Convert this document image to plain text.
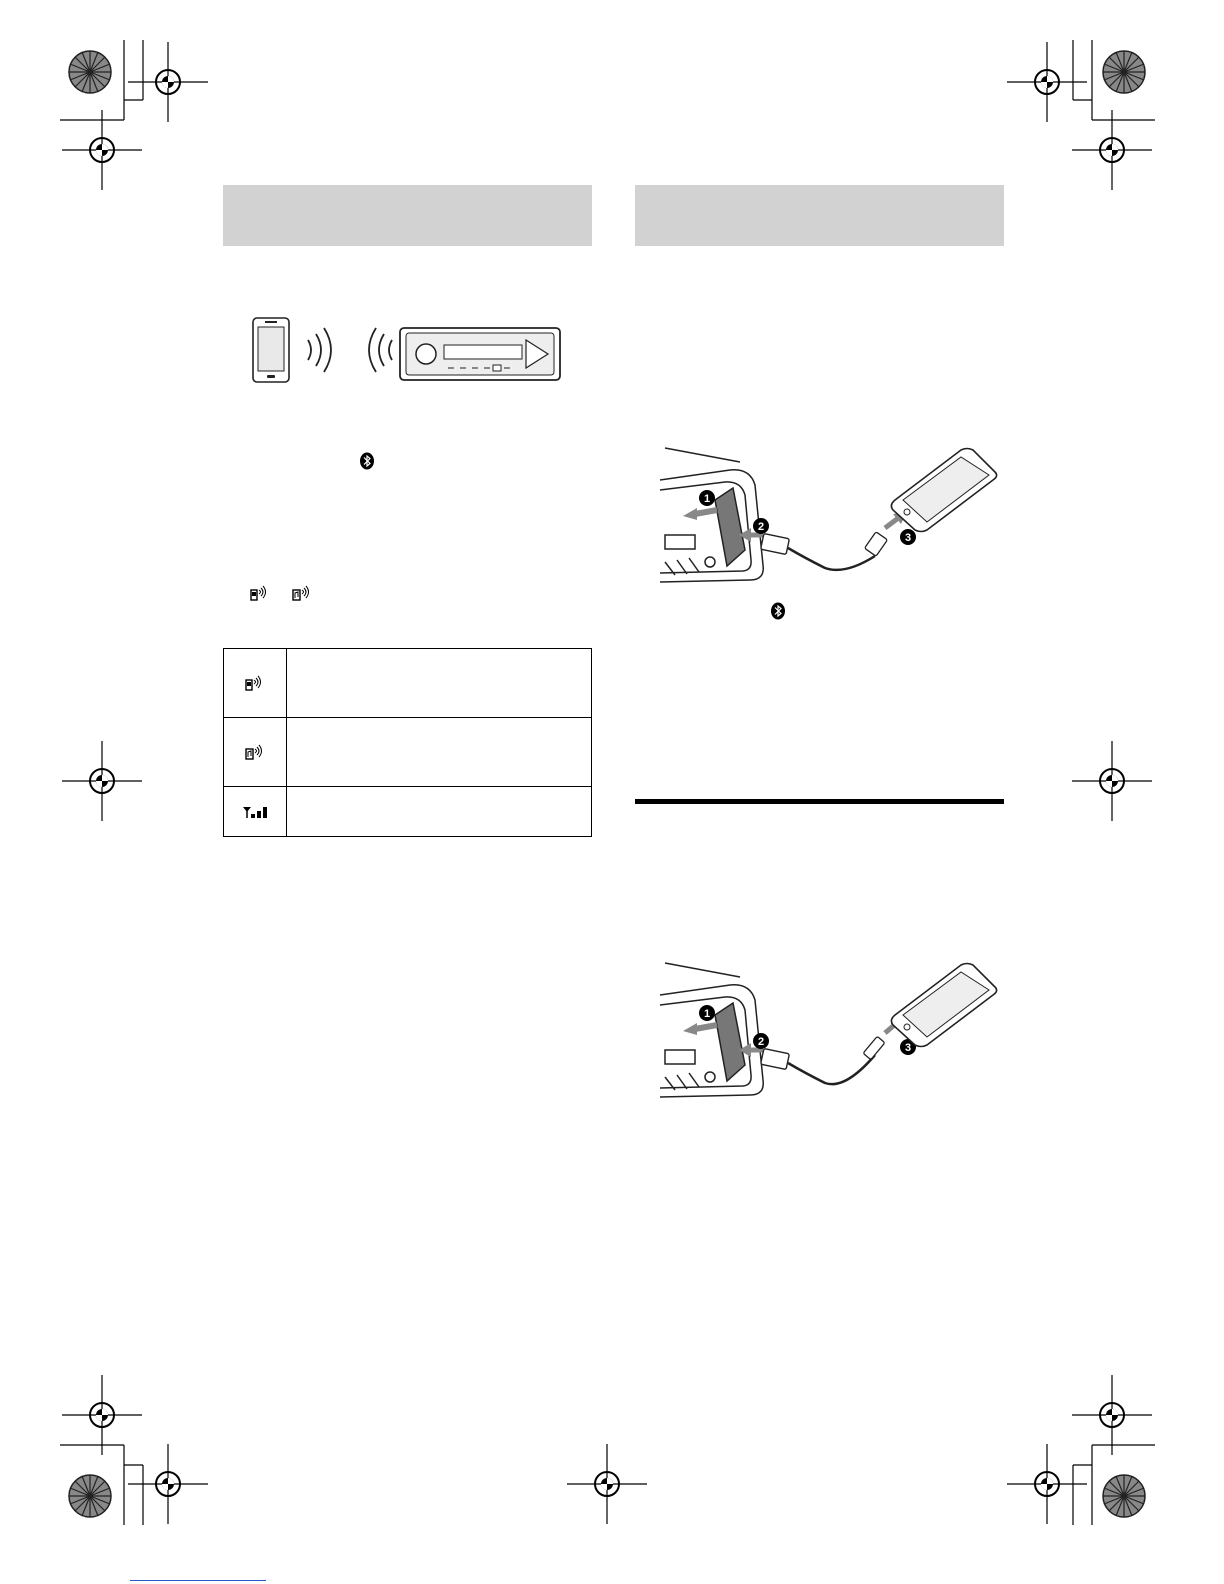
1
2
3
1
2	3
